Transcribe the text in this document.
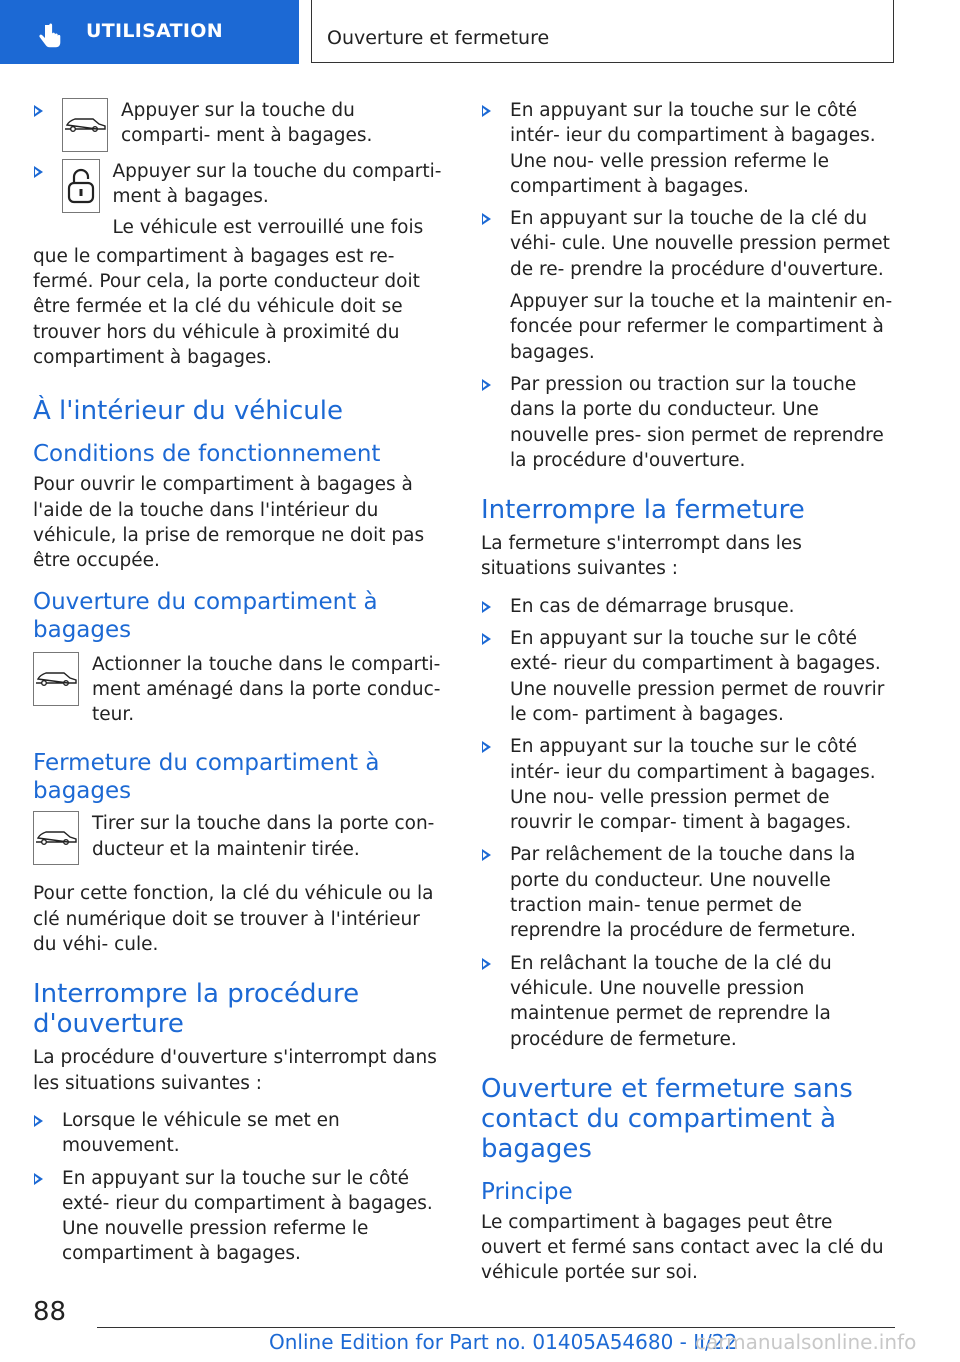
UTILISATION	Ouverture et fermeture

Appuyer sur la touche du comparti‐ ment à bagages.

Appuyer sur la touche du comparti‐ ment à bagages.

Le véhicule est verrouillé une fois

que le compartiment à bagages est re‐ fermé. Pour cela, la porte conducteur doit être fermée et la clé du véhicule doit se trouver hors du véhicule à proximité du compartiment à bagages.

À l'intérieur du véhicule
Conditions de fonctionnement

Pour ouvrir le compartiment à bagages à l'aide de la touche dans l'intérieur du véhicule, la prise de remorque ne doit pas être occupée.

Ouverture du compartiment à bagages

Actionner la touche dans le comparti‐ ment aménagé dans la porte conduc‐ teur.

Fermeture du compartiment à bagages

Tirer sur la touche dans la porte con‐ ducteur et la maintenir tirée.

Pour cette fonction, la clé du véhicule ou la clé numérique doit se trouver à l'intérieur du véhi‐ cule.

Interrompre la procédure d'ouverture

La procédure d'ouverture s'interrompt dans les situations suivantes :

Lorsque le véhicule se met en mouvement.

En appuyant sur la touche sur le côté exté‐ rieur du compartiment à bagages. Une nouvelle pression referme le compartiment à bagages.

En appuyant sur la touche sur le côté intér‐ ieur du compartiment à bagages. Une nou‐ velle pression referme le compartiment à bagages.

En appuyant sur la touche de la clé du véhi‐ cule. Une nouvelle pression permet de re‐ prendre la procédure d'ouverture.

Appuyer sur la touche et la maintenir en‐ foncée pour refermer le compartiment à bagages.

Par pression ou traction sur la touche dans la porte du conducteur. Une nouvelle pres‐ sion permet de reprendre la procédure d'ouverture.

Interrompre la fermeture

La fermeture s'interrompt dans les situations suivantes :

En cas de démarrage brusque.

En appuyant sur la touche sur le côté exté‐ rieur du compartiment à bagages. Une nouvelle pression permet de rouvrir le com‐ partiment à bagages.

En appuyant sur la touche sur le côté intér‐ ieur du compartiment à bagages. Une nou‐ velle pression permet de rouvrir le compar‐ timent à bagages.

Par relâchement de la touche dans la porte du conducteur. Une nouvelle traction main‐ tenue permet de reprendre la procédure de fermeture.

En relâchant la touche de la clé du véhicule. Une nouvelle pression maintenue permet de reprendre la procédure de fermeture.

Ouverture et fermeture sans contact du compartiment à bagages
Principe

Le compartiment à bagages peut être ouvert et fermé sans contact avec la clé du véhicule portée sur soi.

88
Online Edition for Part no. 01405A54680 - II/22
carmanualsonline.info
